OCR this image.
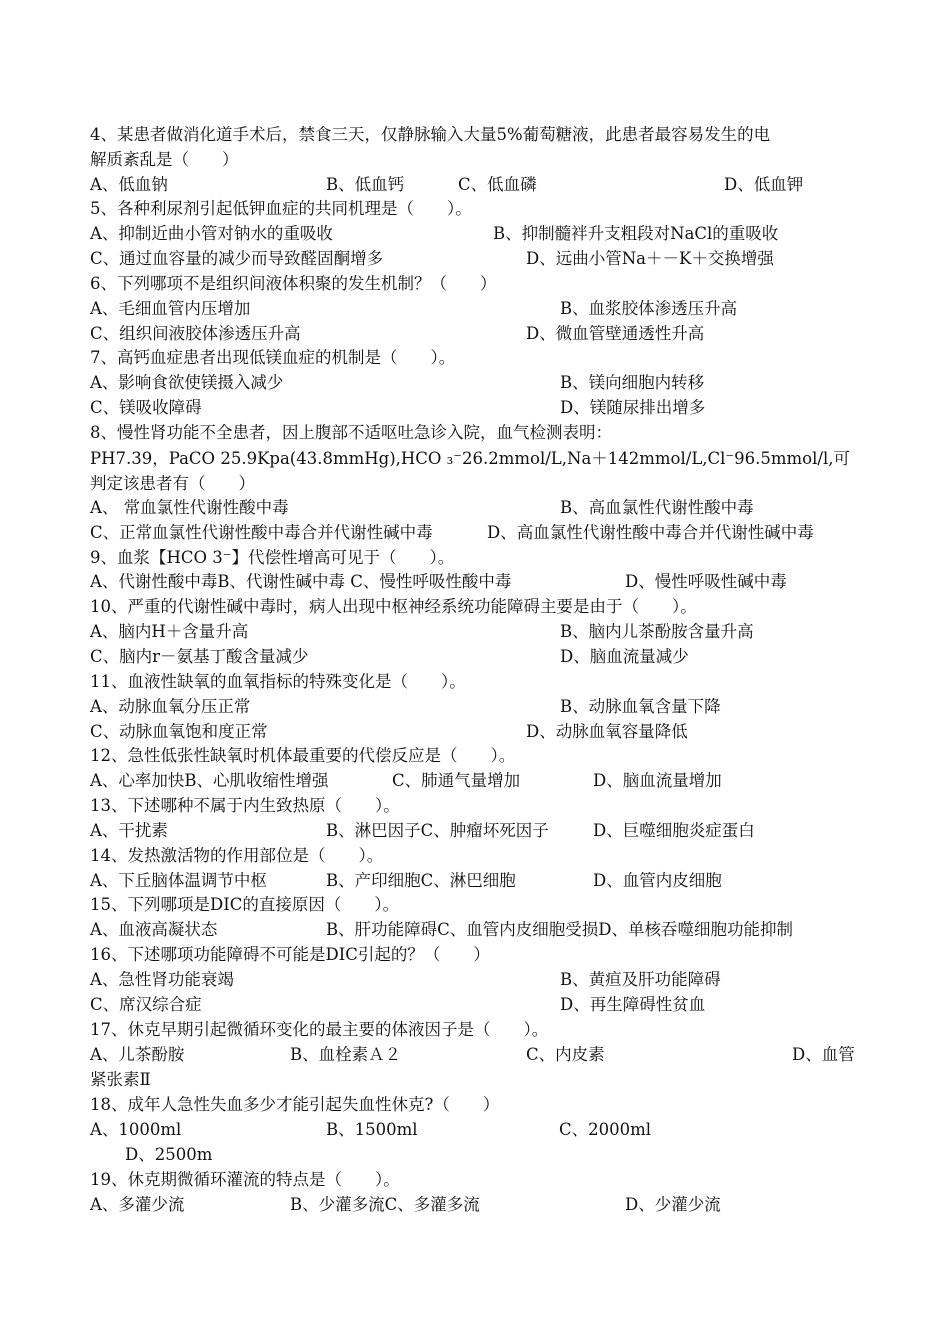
4、某患者做消化道手术后，禁食三天，仅静脉输入大量5%葡萄糖液，此患者最容易发生的电
解质紊乱是（　　）
A、低血钠	B、低血钙	C、低血磷	D、低血钾
5、各种利尿剂引起低钾血症的共同机理是（　　）。
A、抑制近曲小管对钠水的重吸收	B、抑制髓袢升支粗段对NaCl的重吸收
C、通过血容量的减少而导致醛固酮增多	D、远曲小管Na＋－K＋交换增强
6、下列哪项不是组织间液体积聚的发生机制？（　　）
A、毛细血管内压增加	B、血浆胶体渗透压升高
C、组织间液胶体渗透压升高	D、微血管壁通透性升高
7、高钙血症患者出现低镁血症的机制是（　　）。
A、影响食欲使镁摄入减少	B、镁向细胞内转移
C、镁吸收障碍	D、镁随尿排出增多
8、慢性肾功能不全患者，因上腹部不适呕吐急诊入院，血气检测表明：
PH7.39，PaCO 25.9Kpa(43.8mmHg),HCO ₃⁻26.2mmol/L,Na＋142mmol/L,Cl⁻96.5mmol/l,可
判定该患者有（　　）
A、 常血氯性代谢性酸中毒	B、高血氯性代谢性酸中毒
C、正常血氯性代谢性酸中毒合并代谢性碱中毒	D、高血氯性代谢性酸中毒合并代谢性碱中毒
9、血浆【HCO 3⁻】代偿性增高可见于（　　）。
A、代谢性酸中毒B、代谢性碱中毒 C、慢性呼吸性酸中毒	D、慢性呼吸性碱中毒
10、严重的代谢性碱中毒时，病人出现中枢神经系统功能障碍主要是由于（　　）。
A、脑内H＋含量升高	B、脑内儿茶酚胺含量升高
C、脑内r－氨基丁酸含量减少	D、脑血流量减少
11、血液性缺氧的血氧指标的特殊变化是（　　）。
A、动脉血氧分压正常	B、动脉血氧含量下降
C、动脉血氧饱和度正常	D、动脉血氧容量降低
12、急性低张性缺氧时机体最重要的代偿反应是（　　）。
A、心率加快B、心肌收缩性增强	C、肺通气量增加	D、脑血流量增加
13、下述哪种不属于内生致热原（　　）。
A、干扰素	B、淋巴因子C、肿瘤坏死因子	D、巨噬细胞炎症蛋白
14、发热激活物的作用部位是（　　）。
A、下丘脑体温调节中枢	B、产印细胞C、淋巴细胞	D、血管内皮细胞
15、下列哪项是DIC的直接原因（　　）。
A、血液高凝状态	B、肝功能障碍C、血管内皮细胞受损D、单核吞噬细胞功能抑制
16、下述哪项功能障碍不可能是DIC引起的？（　　）
A、急性肾功能衰竭	B、黄疸及肝功能障碍
C、席汉综合症	D、再生障碍性贫血
17、休克早期引起微循环变化的最主要的体液因子是（　　）。
A、儿茶酚胺	B、血栓素Ａ２	C、内皮素	D、血管
紧张素Ⅱ
18、成年人急性失血多少才能引起失血性休克?（　　）
A、1000ml	B、1500ml	C、2000ml
D、2500m
19、休克期微循环灌流的特点是（　　）。
A、多灌少流	B、少灌多流C、多灌多流	D、少灌少流
